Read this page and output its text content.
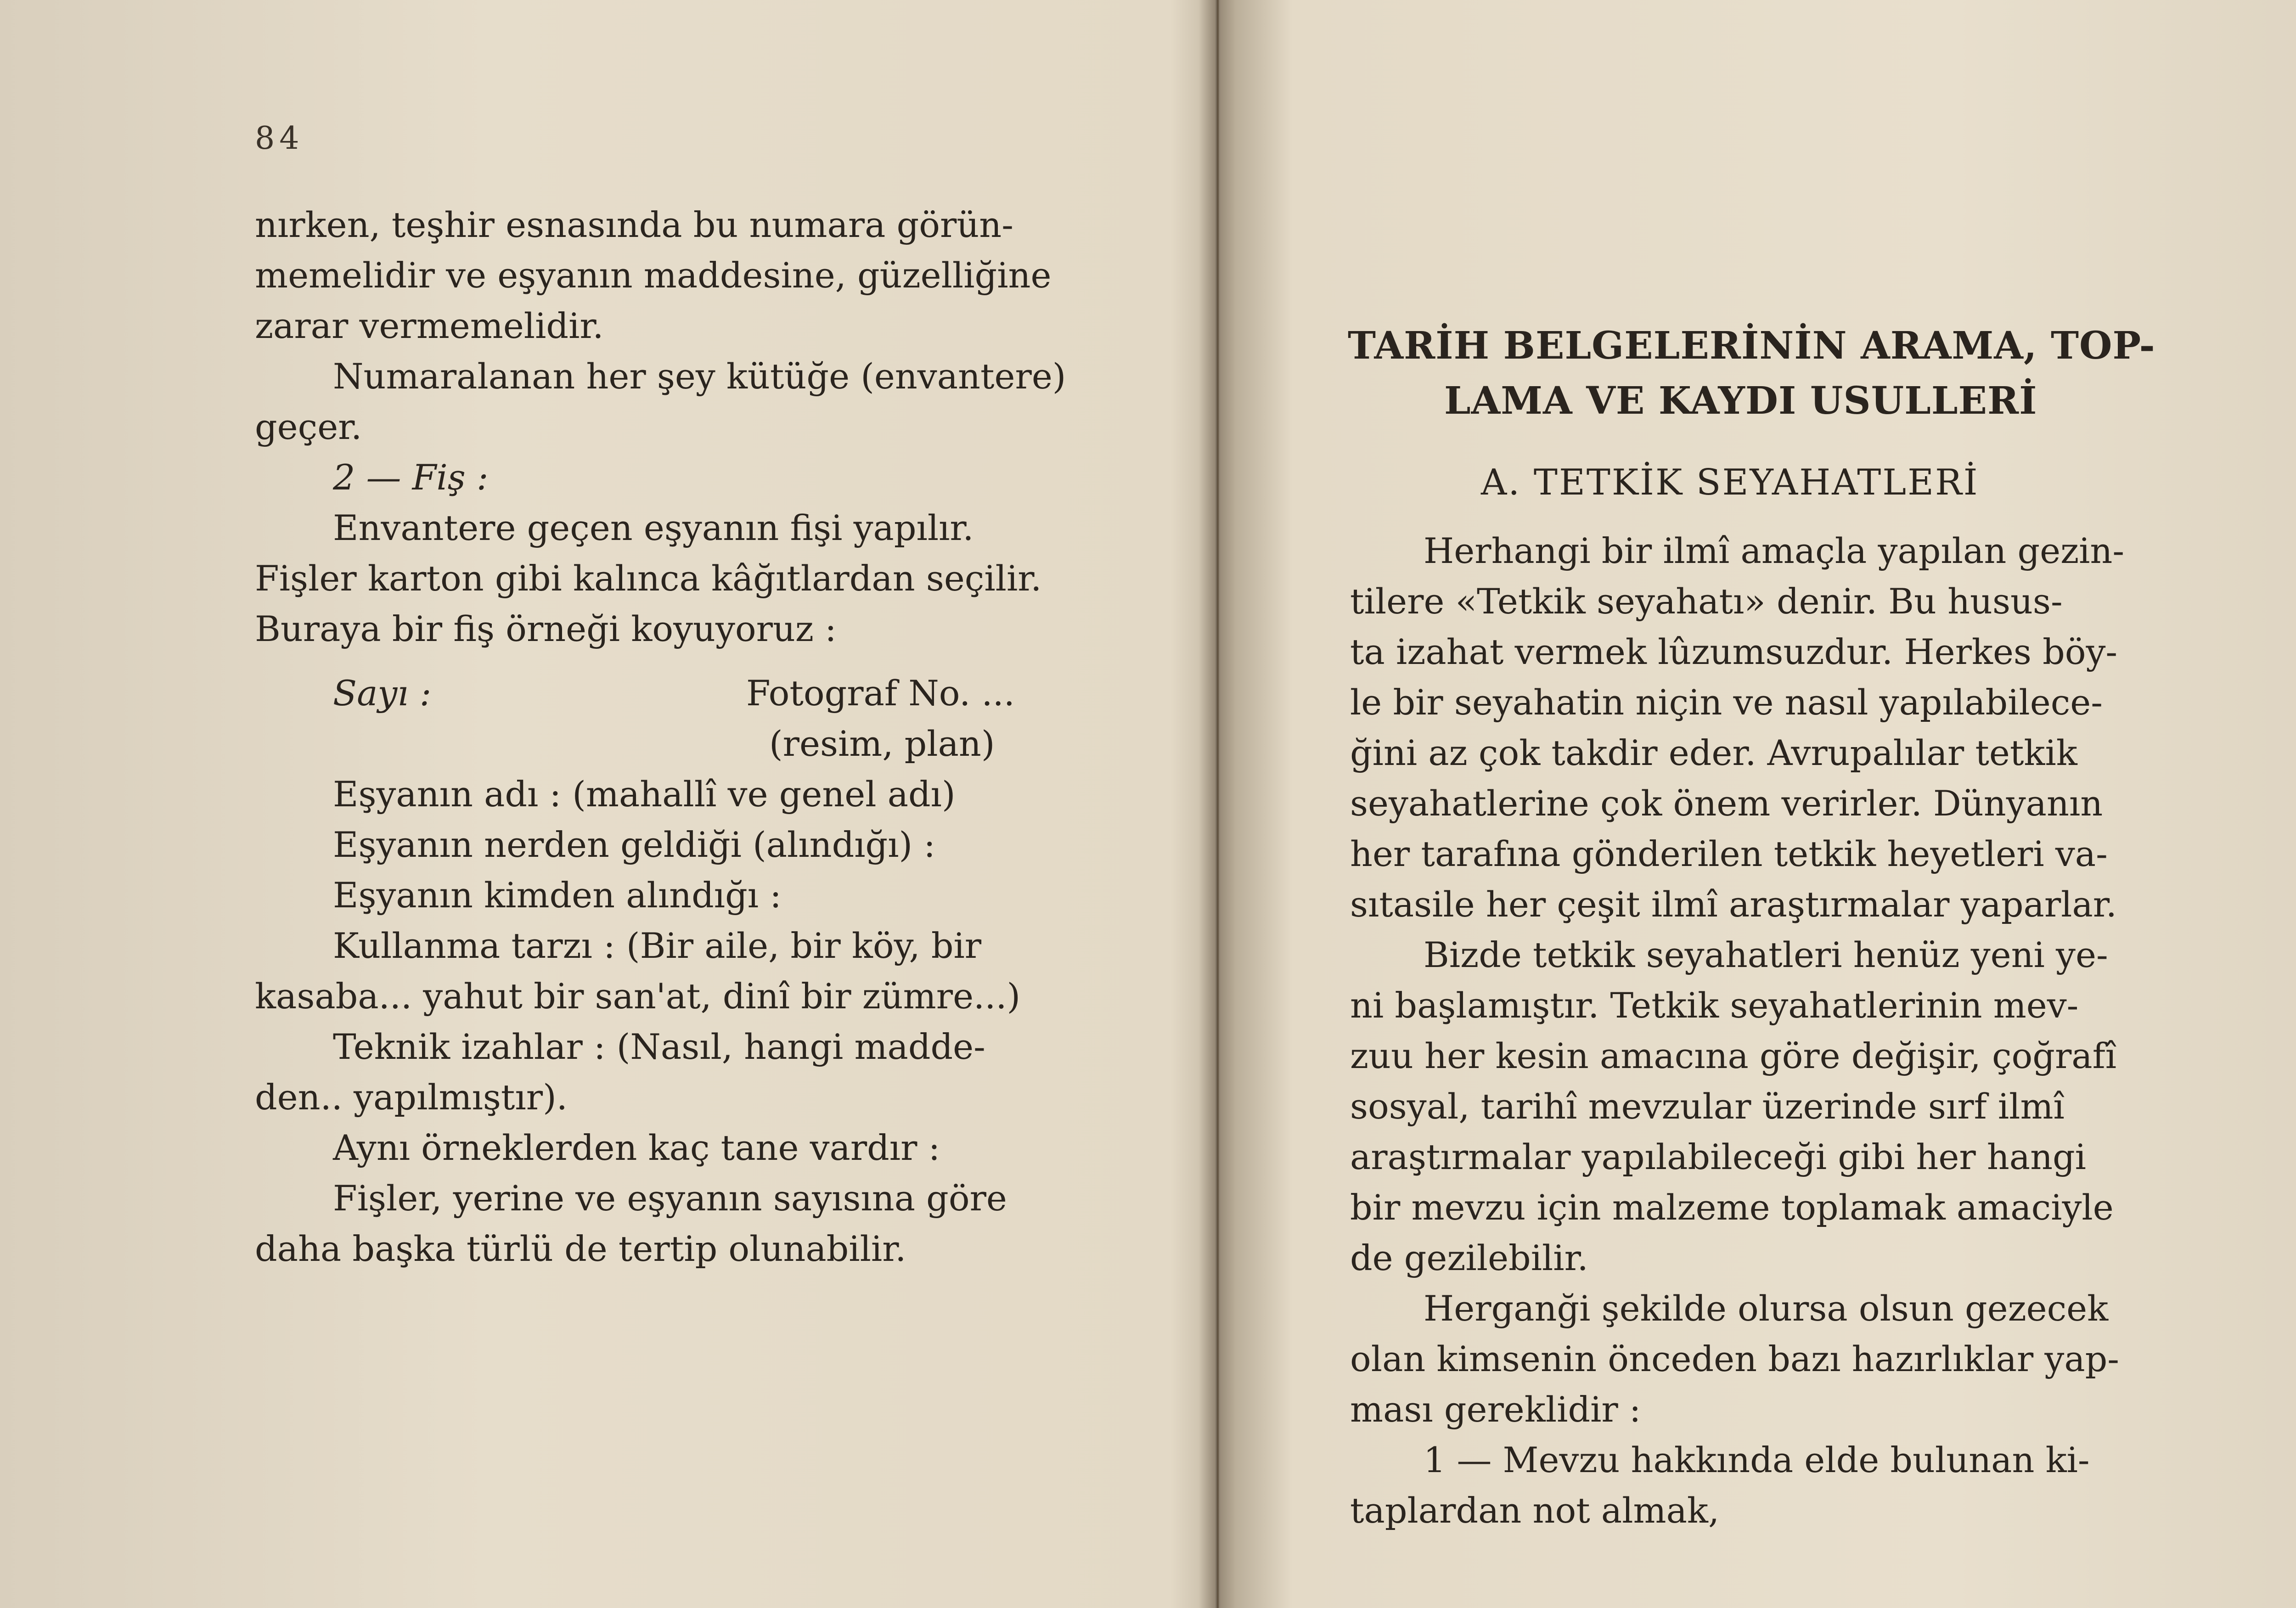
84
nırken, teşhir esnasında bu numara görün-
memelidir ve eşyanın maddesine, güzelliğine
zarar vermemelidir.
Numaralanan her şey kütüğe (envantere)
geçer.
2 — Fiş :
Envantere geçen eşyanın fişi yapılır.
Fişler karton gibi kalınca kâğıtlardan seçilir.
Buraya bir fiş örneği koyuyoruz :
Sayı :	Fotograf No. ...
(resim, plan)
Eşyanın adı : (mahallî ve genel adı)
Eşyanın nerden geldiği (alındığı) :
Eşyanın kimden alındığı :
Kullanma tarzı : (Bir aile, bir köy, bir
kasaba... yahut bir san'at, dinî bir zümre...)
Teknik izahlar : (Nasıl, hangi madde-
den.. yapılmıştır).
Aynı örneklerden kaç tane vardır :
Fişler, yerine ve eşyanın sayısına göre
daha başka türlü de tertip olunabilir.
TARİH BELGELERİNİN ARAMA, TOP-
LAMA VE KAYDI USULLERİ
A. TETKİK SEYAHATLERİ
Herhangi bir ilmî amaçla yapılan gezin-
tilere «Tetkik seyahatı» denir. Bu husus-
ta izahat vermek lûzumsuzdur. Herkes böy-
le bir seyahatin niçin ve nasıl yapılabilece-
ğini az çok takdir eder. Avrupalılar tetkik
seyahatlerine çok önem verirler. Dünyanın
her tarafına gönderilen tetkik heyetleri va-
sıtasile her çeşit ilmî araştırmalar yaparlar.
Bizde tetkik seyahatleri henüz yeni ye-
ni başlamıştır. Tetkik seyahatlerinin mev-
zuu her kesin amacına göre değişir, çoğrafî
sosyal, tarihî mevzular üzerinde sırf ilmî
araştırmalar yapılabileceği gibi her hangi
bir mevzu için malzeme toplamak amaciyle
de gezilebilir.
Herganği şekilde olursa olsun gezecek
olan kimsenin önceden bazı hazırlıklar yap-
ması gereklidir :
1 — Mevzu hakkında elde bulunan ki-
taplardan not almak,
